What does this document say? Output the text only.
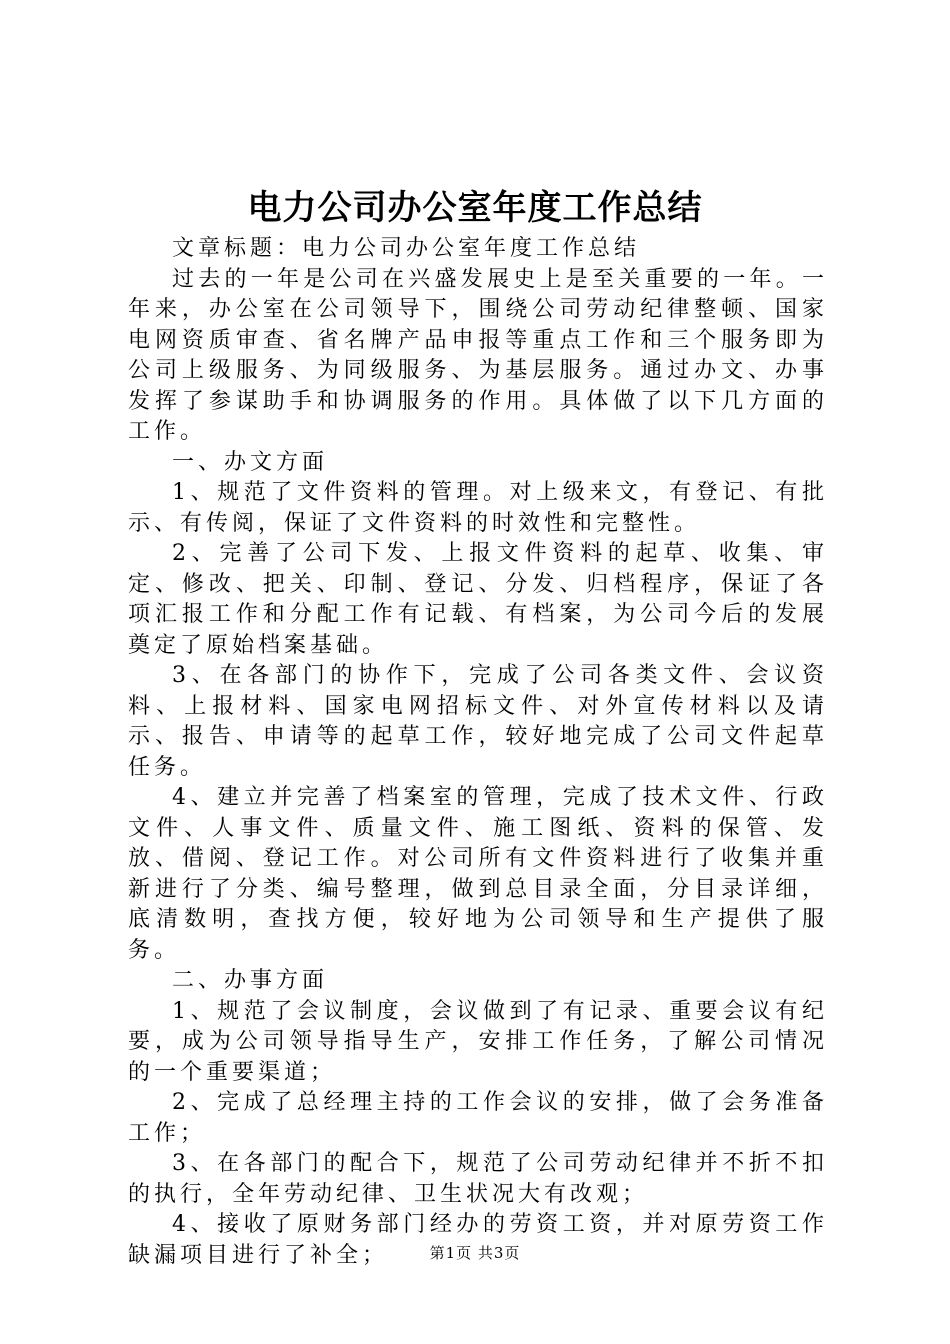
电力公司办公室年度工作总结

文章标题：电力公司办公室年度工作总结

过去的一年是公司在兴盛发展史上是至关重要的一年。一年来，办公室在公司领导下，围绕公司劳动纪律整顿、国家电网资质审查、省名牌产品申报等重点工作和三个服务即为公司上级服务、为同级服务、为基层服务。通过办文、办事发挥了参谋助手和协调服务的作用。具体做了以下几方面的工作。

一、办文方面

1、规范了文件资料的管理。对上级来文，有登记、有批示、有传阅，保证了文件资料的时效性和完整性。

2、完善了公司下发、上报文件资料的起草、收集、审定、修改、把关、印制、登记、分发、归档程序，保证了各项汇报工作和分配工作有记载、有档案，为公司今后的发展奠定了原始档案基础。

3、在各部门的协作下，完成了公司各类文件、会议资料、上报材料、国家电网招标文件、对外宣传材料以及请示、报告、申请等的起草工作，较好地完成了公司文件起草任务。

4、建立并完善了档案室的管理，完成了技术文件、行政文件、人事文件、质量文件、施工图纸、资料的保管、发放、借阅、登记工作。对公司所有文件资料进行了收集并重新进行了分类、编号整理，做到总目录全面，分目录详细，底清数明，查找方便，较好地为公司领导和生产提供了服务。

二、办事方面

1、规范了会议制度，会议做到了有记录、重要会议有纪要，成为公司领导指导生产，安排工作任务，了解公司情况的一个重要渠道；

2、完成了总经理主持的工作会议的安排，做了会务准备工作；

3、在各部门的配合下，规范了公司劳动纪律并不折不扣的执行，全年劳动纪律、卫生状况大有改观；

4、接收了原财务部门经办的劳资工资，并对原劳资工作缺漏项目进行了补全；	第1页 共3页
